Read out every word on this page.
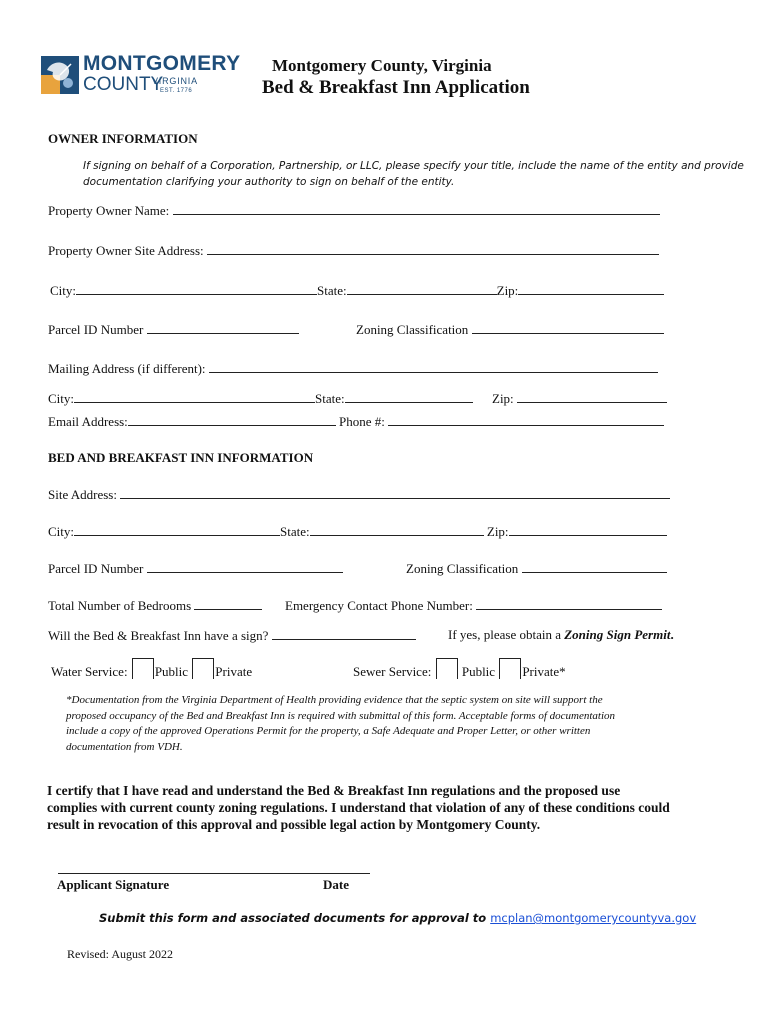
MONTGOMERY
COUNTY
VIRGINIA
EST. 1776
Montgomery County, Virginia
Bed & Breakfast Inn Application
OWNER INFORMATION
If signing on behalf of a Corporation, Partnership, or LLC, please specify your title, include the name of the entity and provide
documentation clarifying your authority to sign on behalf of the entity.
Property Owner Name:
Property Owner Site Address:
City:	State:	Zip:
Parcel ID Number	Zoning Classification
Mailing Address (if different):
City:	State:	Zip:
Email Address:	Phone #:
BED AND BREAKFAST INN INFORMATION
Site Address:
City:	State:	Zip:
Parcel ID Number	Zoning Classification
Total Number of Bedrooms	Emergency Contact Phone Number:
Will the Bed & Breakfast Inn have a sign?	If yes, please obtain a Zoning Sign Permit.
Water Service: Public Private	Sewer Service: Public Private*
*Documentation from the Virginia Department of Health providing evidence that the septic system on site will support the
proposed occupancy of the Bed and Breakfast Inn is required with submittal of this form. Acceptable forms of documentation
include a copy of the approved Operations Permit for the property, a Safe Adequate and Proper Letter, or other written
documentation from VDH.
I certify that I have read and understand the Bed & Breakfast Inn regulations and the proposed use
complies with current county zoning regulations. I understand that violation of any of these conditions could
result in revocation of this approval and possible legal action by Montgomery County.
Applicant Signature	Date
Submit this form and associated documents for approval to mcplan@montgomerycountyva.gov
Revised: August 2022
